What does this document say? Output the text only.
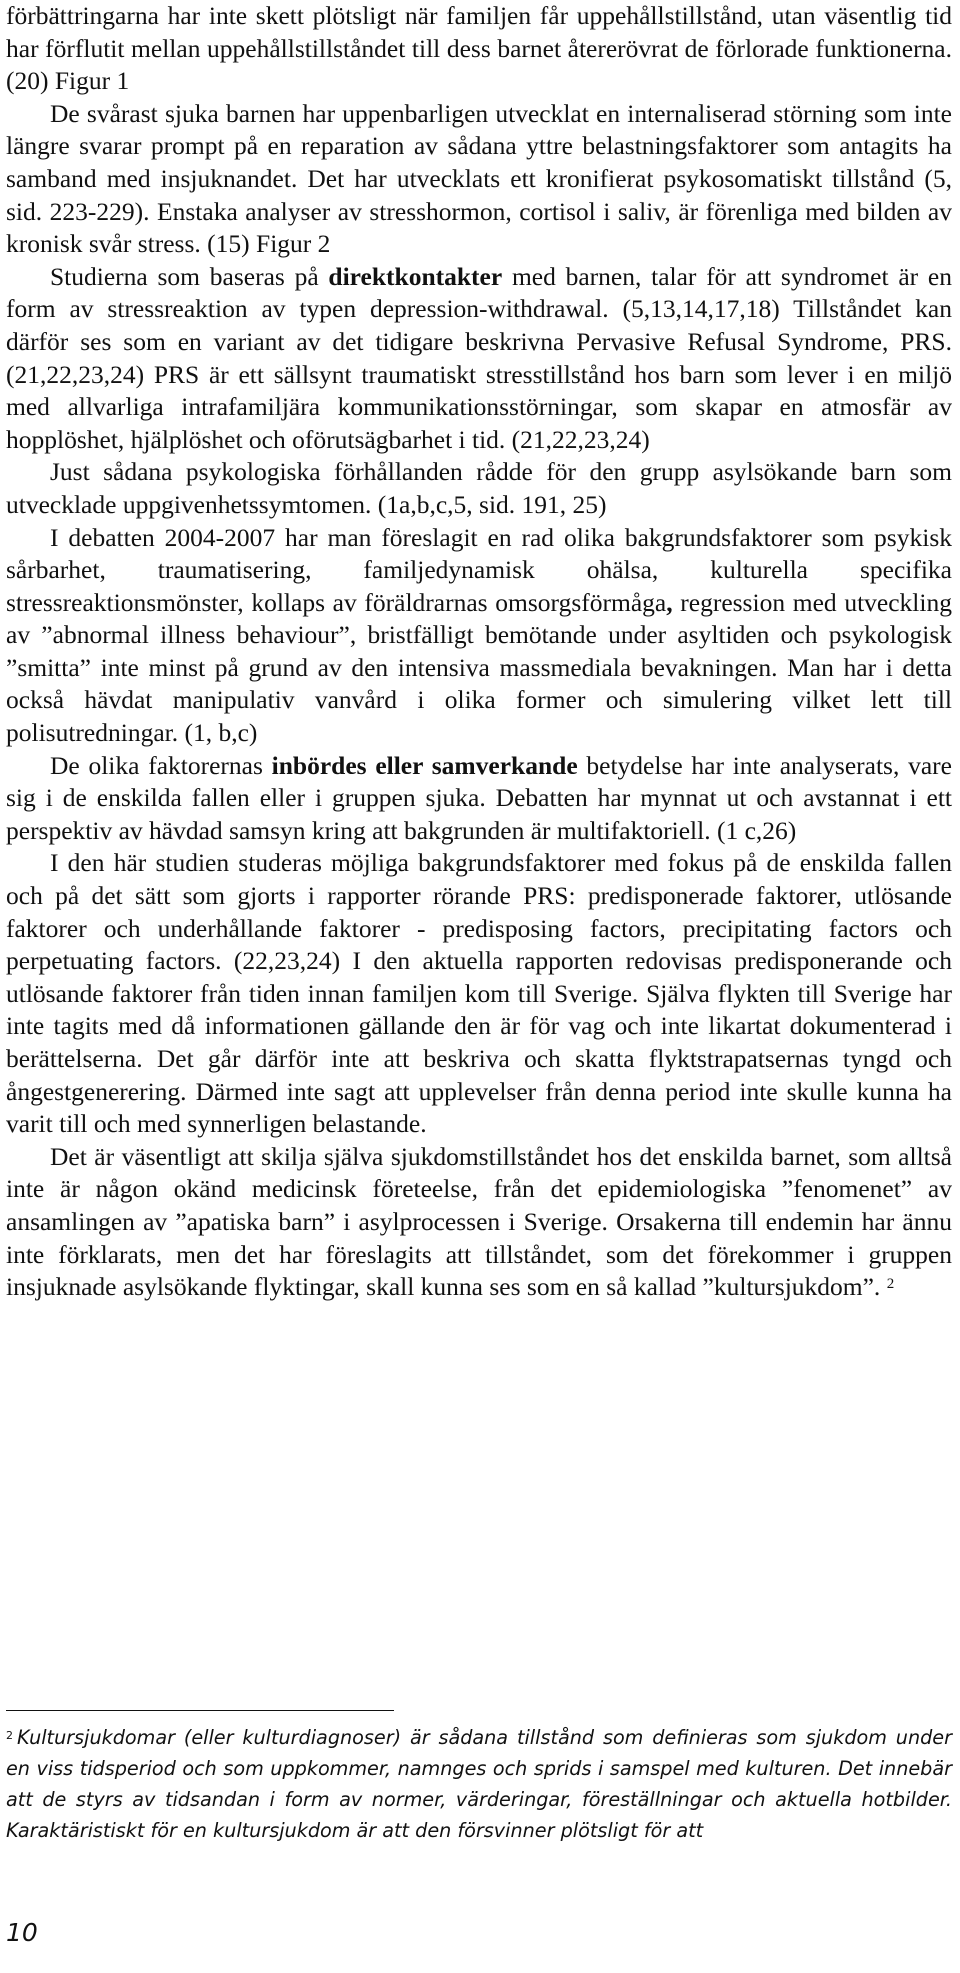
förbättringarna har inte skett plötsligt när familjen får uppehållstillstånd, utan väsentlig tid har förflutit mellan uppehållstillståndet till dess barnet återerövrat de förlorade funktionerna. (20) Figur 1

De svårast sjuka barnen har uppenbarligen utvecklat en internaliserad störning som inte längre svarar prompt på en reparation av sådana yttre belastningsfaktorer som antagits ha samband med insjuknandet. Det har utvecklats ett kronifierat psykosomatiskt tillstånd (5, sid. 223-229). Enstaka analyser av stresshormon, cortisol i saliv, är förenliga med bilden av kronisk svår stress. (15) Figur 2

Studierna som baseras på direktkontakter med barnen, talar för att syndromet är en form av stressreaktion av typen depression-withdrawal. (5,13,14,17,18) Tillståndet kan därför ses som en variant av det tidigare beskrivna Pervasive Refusal Syndrome, PRS. (21,22,23,24) PRS är ett sällsynt traumatiskt stresstillstånd hos barn som lever i en miljö med allvarliga intrafamiljära kommunikationsstörningar, som skapar en atmosfär av hopplöshet, hjälplöshet och oförutsägbarhet i tid. (21,22,23,24)

Just sådana psykologiska förhållanden rådde för den grupp asylsökande barn som utvecklade uppgivenhetssymtomen. (1a,b,c,5, sid. 191, 25)

I debatten 2004-2007 har man föreslagit en rad olika bakgrundsfaktorer som psykisk sårbarhet, traumatisering, familjedynamisk ohälsa, kulturella specifika stressreaktionsmönster, kollaps av föräldrarnas omsorgsförmåga, regression med utveckling av ”abnormal illness behaviour”, bristfälligt bemötande under asyltiden och psykologisk ”smitta” inte minst på grund av den intensiva massmediala bevakningen. Man har i detta också hävdat manipulativ vanvård i olika former och simulering vilket lett till polisutredningar. (1, b,c)

De olika faktorernas inbördes eller samverkande betydelse har inte analyserats, vare sig i de enskilda fallen eller i gruppen sjuka. Debatten har mynnat ut och avstannat i ett perspektiv av hävdad samsyn kring att bakgrunden är multifaktoriell. (1 c,26)

I den här studien studeras möjliga bakgrundsfaktorer med fokus på de enskilda fallen och på det sätt som gjorts i rapporter rörande PRS: predisponerade faktorer, utlösande faktorer och underhållande faktorer - predisposing factors, precipitating factors och perpetuating factors. (22,23,24) I den aktuella rapporten redovisas predisponerande och utlösande faktorer från tiden innan familjen kom till Sverige. Själva flykten till Sverige har inte tagits med då informationen gällande den är för vag och inte likartat dokumenterad i berättelserna. Det går därför inte att beskriva och skatta flyktstrapatsernas tyngd och ångestgenerering. Därmed inte sagt att upplevelser från denna period inte skulle kunna ha varit till och med synnerligen belastande.

Det är väsentligt att skilja själva sjukdomstillståndet hos det enskilda barnet, som alltså inte är någon okänd medicinsk företeelse, från det epidemiologiska ”fenomenet” av ansamlingen av ”apatiska barn” i asylprocessen i Sverige. Orsakerna till endemin har ännu inte förklarats, men det har föreslagits att tillståndet, som det förekommer i gruppen insjuknade asylsökande flyktingar, skall kunna ses som en så kallad ”kultursjukdom”. $^2$

$^2$ Kultursjukdomar (eller kulturdiagnoser) är sådana tillstånd som definieras som sjukdom under en viss tidsperiod och som uppkommer, namnges och sprids i samspel med kulturen. Det innebär att de styrs av tidsandan i form av normer, värderingar, föreställningar och aktuella hotbilder. Karaktäristiskt för en kultursjukdom är att den försvinner plötsligt för att
10
